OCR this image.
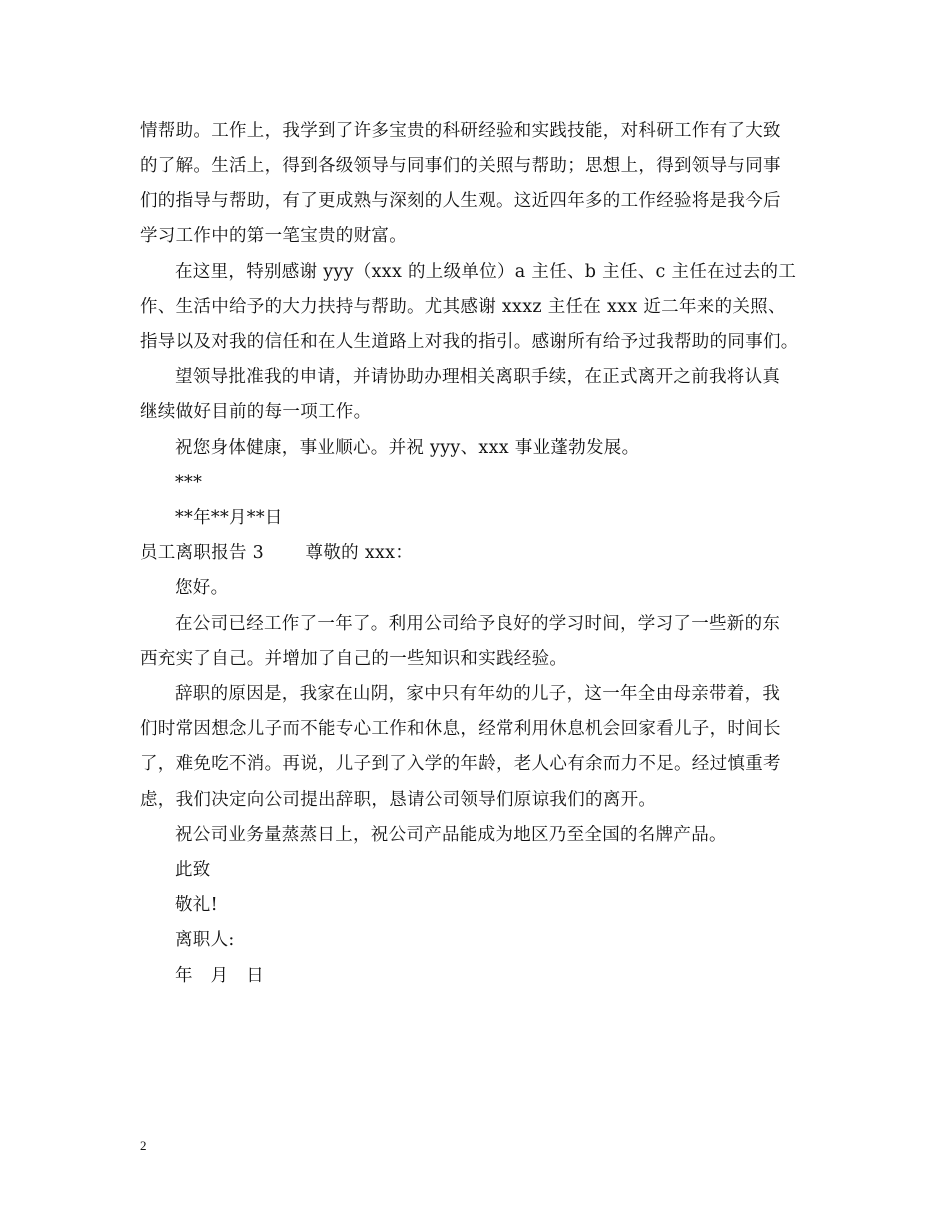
情帮助。工作上，我学到了许多宝贵的科研经验和实践技能，对科研工作有了大致
的了解。生活上，得到各级领导与同事们的关照与帮助；思想上，得到领导与同事
们的指导与帮助，有了更成熟与深刻的人生观。这近四年多的工作经验将是我今后
学习工作中的第一笔宝贵的财富。
在这里，特别感谢 yyy（xxx 的上级单位）a 主任、b 主任、c 主任在过去的工
作、生活中给予的大力扶持与帮助。尤其感谢 xxxz 主任在 xxx 近二年来的关照、
指导以及对我的信任和在人生道路上对我的指引。感谢所有给予过我帮助的同事们。
望领导批准我的申请，并请协助办理相关离职手续，在正式离开之前我将认真
继续做好目前的每一项工作。
祝您身体健康，事业顺心。并祝 yyy、xxx 事业蓬勃发展。
***
**年**月**日
员工离职报告 3　　 尊敬的 xxx：
您好。
在公司已经工作了一年了。利用公司给予良好的学习时间，学习了一些新的东
西充实了自己。并增加了自己的一些知识和实践经验。
辞职的原因是，我家在山阴，家中只有年幼的儿子，这一年全由母亲带着，我
们时常因想念儿子而不能专心工作和休息，经常利用休息机会回家看儿子，时间长
了，难免吃不消。再说，儿子到了入学的年龄，老人心有余而力不足。经过慎重考
虑，我们决定向公司提出辞职，恳请公司领导们原谅我们的离开。
祝公司业务量蒸蒸日上，祝公司产品能成为地区乃至全国的名牌产品。
此致
敬礼!
离职人:
年　月　日
2
